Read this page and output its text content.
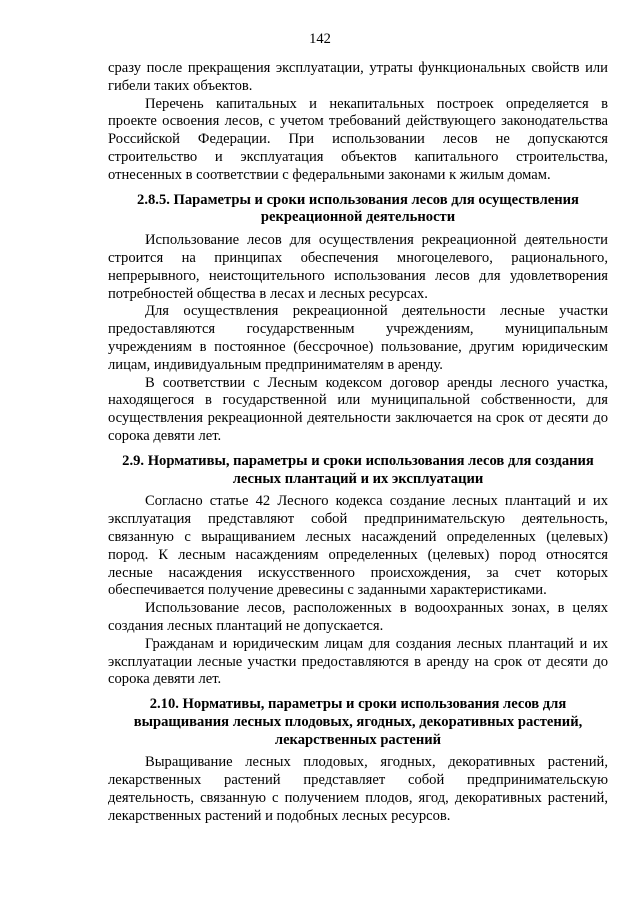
142

сразу после прекращения эксплуатации, утраты функциональных свойств или гибели таких объектов.

Перечень капитальных и некапитальных построек определяется в проекте освоения лесов, с учетом требований действующего законодательства Российской Федерации. При использовании лесов не допускаются строительство и эксплуатация объектов капитального строительства, отнесенных в соответствии с федеральными законами к жилым домам.

2.8.5. Параметры и сроки использования лесов для осуществления рекреационной деятельности

Использование лесов для осуществления рекреационной деятельности строится на принципах обеспечения многоцелевого, рационального, непрерывного, неистощительного использования лесов для удовлетворения потребностей общества в лесах и лесных ресурсах.

Для осуществления рекреационной деятельности лесные участки предоставляются государственным учреждениям, муниципальным учреждениям в постоянное (бессрочное) пользование, другим юридическим лицам, индивидуальным предпринимателям в аренду.

В соответствии с Лесным кодексом договор аренды лесного участка, находящегося в государственной или муниципальной собственности, для осуществления рекреационной деятельности заключается на срок от десяти до сорока девяти лет.

2.9. Нормативы, параметры и сроки использования лесов для создания лесных плантаций и их эксплуатации

Согласно статье 42 Лесного кодекса создание лесных плантаций и их эксплуатация представляют собой предпринимательскую деятельность, связанную с выращиванием лесных насаждений определенных (целевых) пород. К лесным насаждениям определенных (целевых) пород относятся лесные насаждения искусственного происхождения, за счет которых обеспечивается получение древесины с заданными характеристиками.

Использование лесов, расположенных в водоохранных зонах, в целях создания лесных плантаций не допускается.

Гражданам и юридическим лицам для создания лесных плантаций и их эксплуатации лесные участки предоставляются в аренду на срок от десяти до сорока девяти лет.

2.10. Нормативы, параметры и сроки использования лесов для выращивания лесных плодовых, ягодных, декоративных растений, лекарственных растений

Выращивание лесных плодовых, ягодных, декоративных растений, лекарственных растений представляет собой предпринимательскую деятельность, связанную с получением плодов, ягод, декоративных растений, лекарственных растений и подобных лесных ресурсов.
